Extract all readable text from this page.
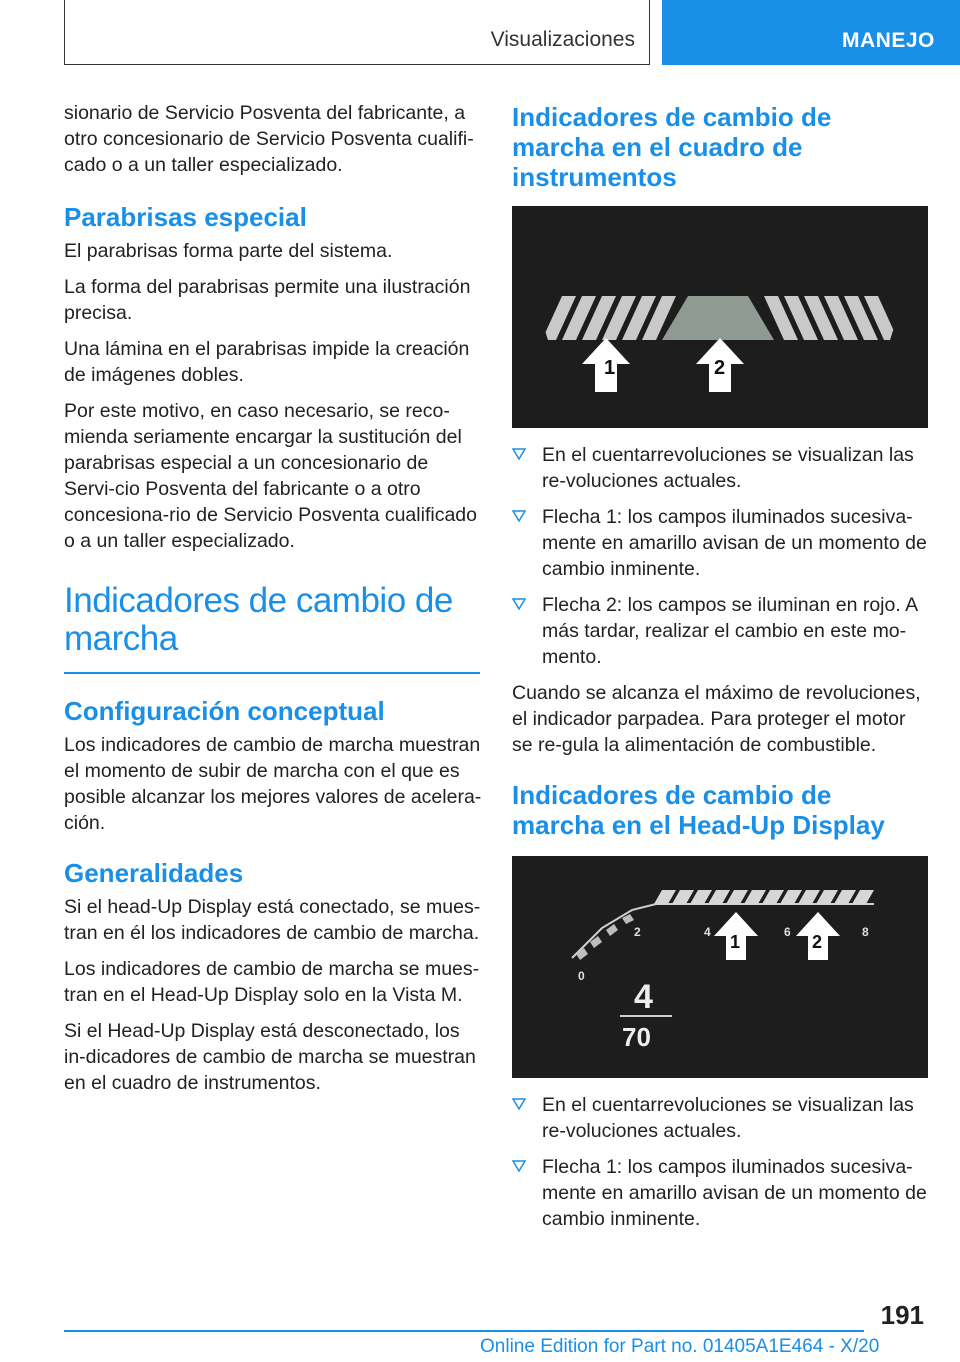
Visualizaciones	MANEJO

sionario de Servicio Posventa del fabricante, a otro concesionario de Servicio Posventa cualifi-cado o a un taller especializado.

Parabrisas especial

El parabrisas forma parte del sistema.

La forma del parabrisas permite una ilustración precisa.

Una lámina en el parabrisas impide la creación de imágenes dobles.

Por este motivo, en caso necesario, se reco-mienda seriamente encargar la sustitución del parabrisas especial a un concesionario de Servi-cio Posventa del fabricante o a otro concesiona-rio de Servicio Posventa cualificado o a un taller especializado.

Indicadores de cambio de marcha
Configuración conceptual

Los indicadores de cambio de marcha muestran el momento de subir de marcha con el que es posible alcanzar los mejores valores de acelera-ción.

Generalidades

Si el head-Up Display está conectado, se mues-tran en él los indicadores de cambio de marcha.

Los indicadores de cambio de marcha se mues-tran en el Head-Up Display solo en la Vista M.

Si el Head-Up Display está desconectado, los in-dicadores de cambio de marcha se muestran en el cuadro de instrumentos.

Indicadores de cambio de marcha en el cuadro de instrumentos
1	2
En el cuentarrevoluciones se visualizan las re-voluciones actuales.
Flecha 1: los campos iluminados sucesiva-mente en amarillo avisan de un momento de cambio inminente.
Flecha 2: los campos se iluminan en rojo. A más tardar, realizar el cambio en este mo-mento.

Cuando se alcanza el máximo de revoluciones, el indicador parpadea. Para proteger el motor se re-gula la alimentación de combustible.

Indicadores de cambio de marcha en el Head-Up Display
0
2	4	6	8
1	2
4
70
En el cuentarrevoluciones se visualizan las re-voluciones actuales.
Flecha 1: los campos iluminados sucesiva-mente en amarillo avisan de un momento de cambio inminente.
191
Online Edition for Part no. 01405A1E464 - X/20
